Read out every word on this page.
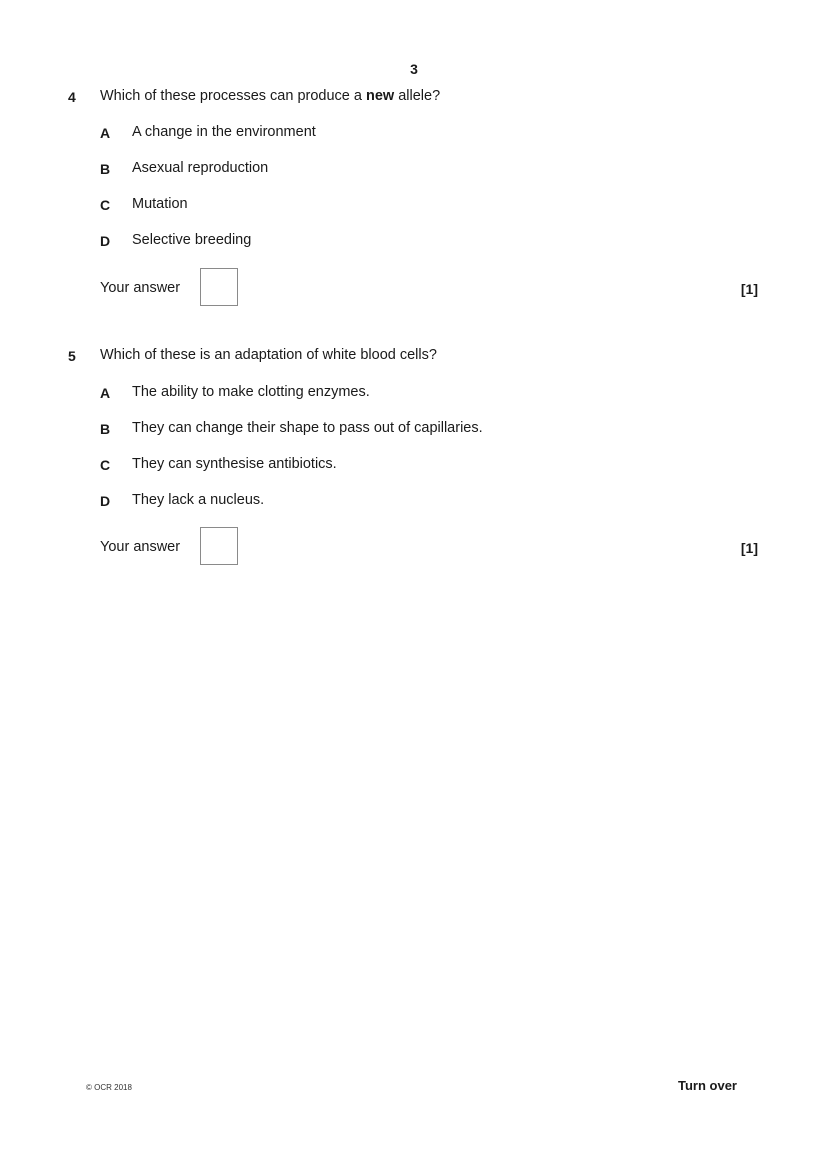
3
4 Which of these processes can produce a new allele?
A A change in the environment
B Asexual reproduction
C Mutation
D Selective breeding
Your answer	[1]
5 Which of these is an adaptation of white blood cells?
A The ability to make clotting enzymes.
B They can change their shape to pass out of capillaries.
C They can synthesise antibiotics.
D They lack a nucleus.
Your answer	[1]
© OCR 2018	Turn over
